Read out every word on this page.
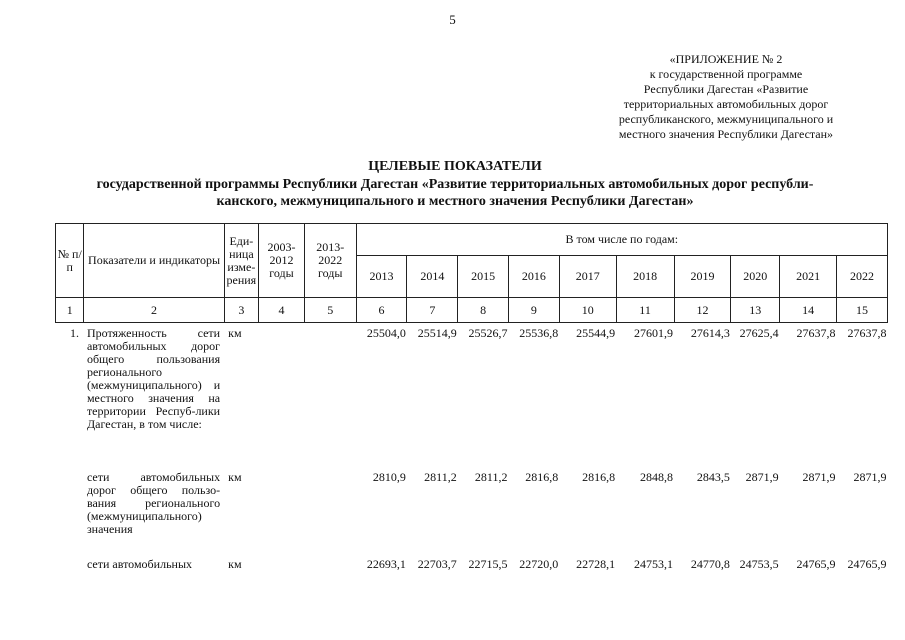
5
«ПРИЛОЖЕНИЕ № 2
к государственной программе
Республики Дагестан «Развитие
территориальных автомобильных дорог
республиканского, межмуниципального и
местного значения Республики Дагестан»
ЦЕЛЕВЫЕ ПОКАЗАТЕЛИ
государственной программы Республики Дагестан «Развитие территориальных автомобильных дорог республи-
канского, межмуниципального и местного значения Республики Дагестан»
№ п/п	Показатели и индикаторы	Еди-ница изме-рения	2003-2012 годы	2013-2022 годы	В том числе по годам:									
					2013	2014	2015	2016	2017	2018	2019	2020	2021	2022
1	2	3	4	5	6	7	8	9	10	11	12	13	14	15
1.	Протяженность сети автомобильных дорог общего пользования регионального (межмуниципального) и местного значения на территории Респуб-лики Дагестан, в том числе:	км			25504,0	25514,9	25526,7	25536,8	25544,9	27601,9	27614,3	27625,4	27637,8	27637,8
	сети автомобильных дорог общего пользо-вания регионального (межмуниципального) значения	км			2810,9	2811,2	2811,2	2816,8	2816,8	2848,8	2843,5	2871,9	2871,9	2871,9
	сети автомобильных	км			22693,1	22703,7	22715,5	22720,0	22728,1	24753,1	24770,8	24753,5	24765,9	24765,9
